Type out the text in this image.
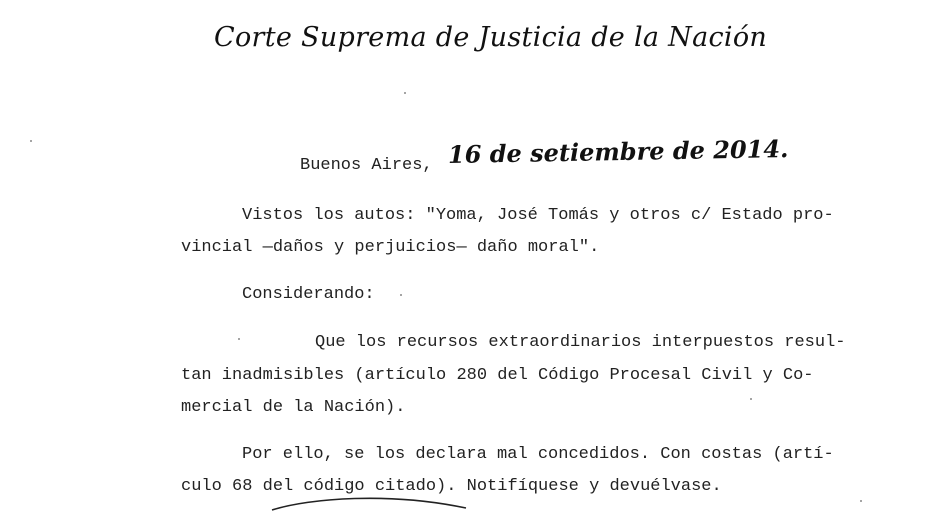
Corte Suprema de Justicia de la Nación
Buenos Aires, 16 de setiembre de 2014.
Vistos los autos: "Yoma, José Tomás y otros c/ Estado pro-
vincial —daños y perjuicios— daño moral".
Considerando:
Que los recursos extraordinarios interpuestos resul-
tan inadmisibles (artículo 280 del Código Procesal Civil y Co-
mercial de la Nación).
Por ello, se los declara mal concedidos. Con costas (artí-
culo 68 del código citado). Notifíquese y devuélvase.
